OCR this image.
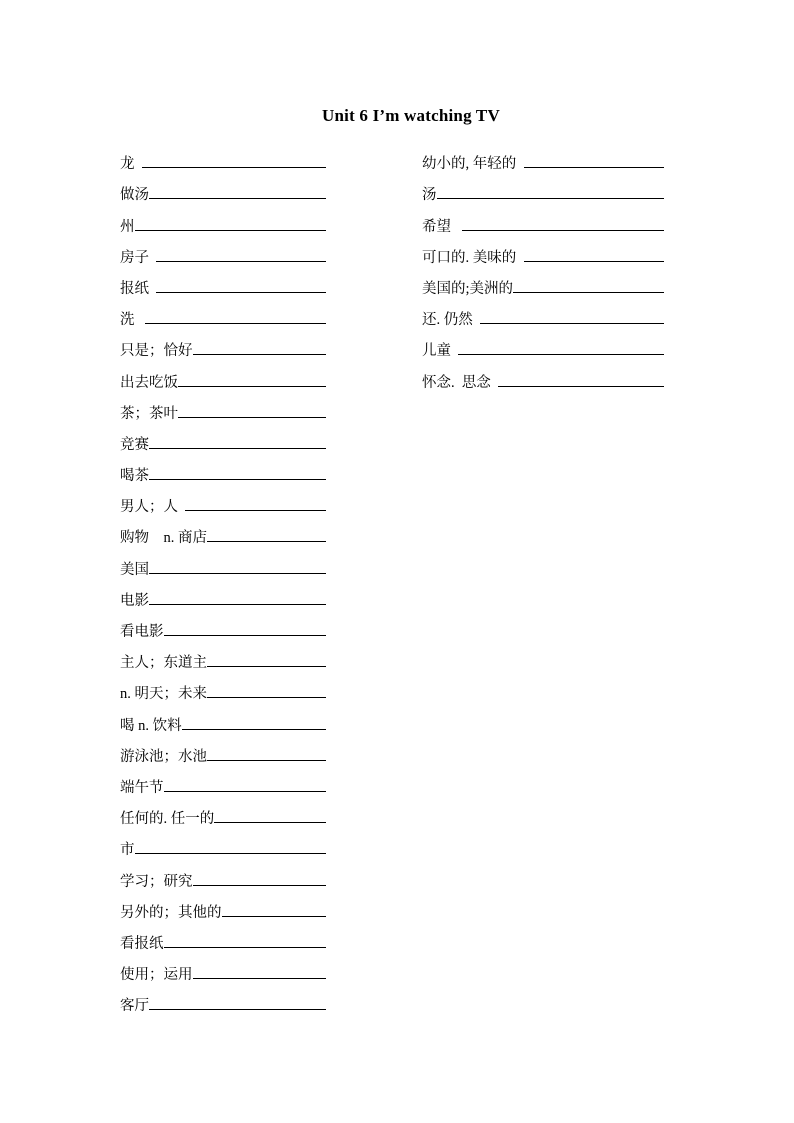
Unit 6 I’m watching TV
龙
做汤
州
房子
报纸
洗
只是；恰好
出去吃饭
茶；茶叶
竞赛
喝茶
男人；人
购物    n. 商店
美国
电影
看电影
主人；东道主
n. 明天；未来
喝 n. 饮料
游泳池；水池
端午节
任何的. 任一的
市
学习；研究
另外的；其他的
看报纸
使用；运用
客厅
幼小的, 年轻的
汤
希望
可口的. 美味的
美国的;美洲的
还. 仍然
儿童
怀念.  思念
